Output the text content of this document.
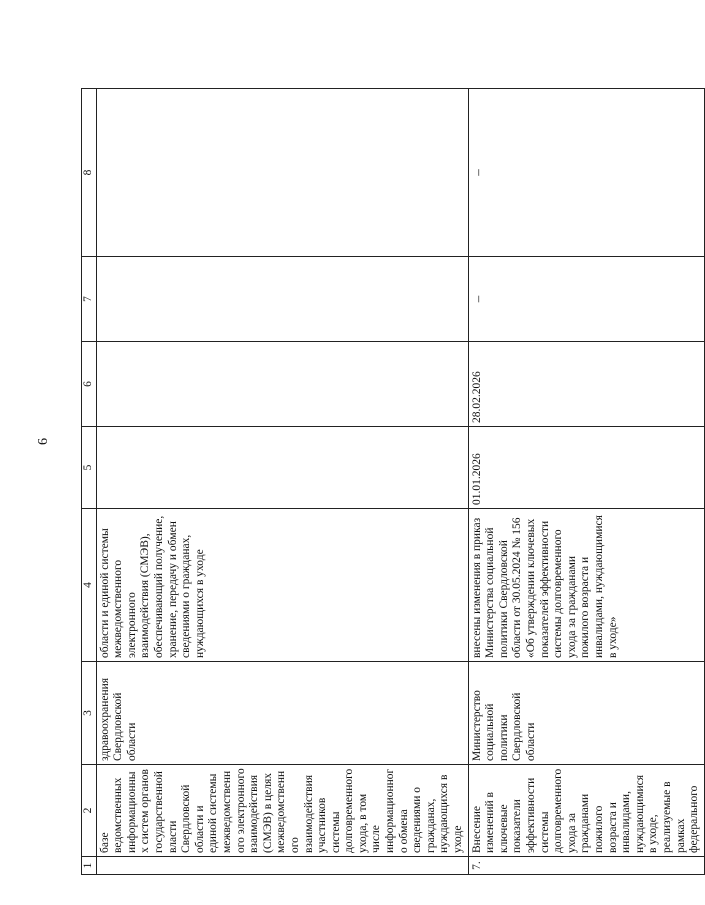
6
1	2	3	4	5	6	7	8
	базе ведомственных информационных систем органов государственной власти Свердловской области и единой системы межведомственного электронного взаимодействия (СМЭВ) в целях межведомственного взаимодействия участников системы долговременного ухода, в том числе информационного обмена сведениями о гражданах, нуждающихся в уходе	здравоохранения Свердловской области	области и единой системы межведомственного электронного взаимодействия (СМЭВ), обеспечивающий получение, хранение, передачу и обмен сведениями о гражданах, нуждающихся в уходе				
7.	Внесение изменений в ключевые показатели эффективности системы долговременного ухода за гражданами пожилого возраста и инвалидами, нуждающимися в уходе, реализуемые в рамках федерального	Министерство социальной политики Свердловской области	внесены изменения в приказ Министерства социальной политики Свердловской области от 30.05.2024 № 156 «Об утверждении ключевых показателей эффективности системы долговременного ухода за гражданами пожилого возраста и инвалидами, нуждающимися в уходе»	01.01.2026	28.02.2026	–	–
